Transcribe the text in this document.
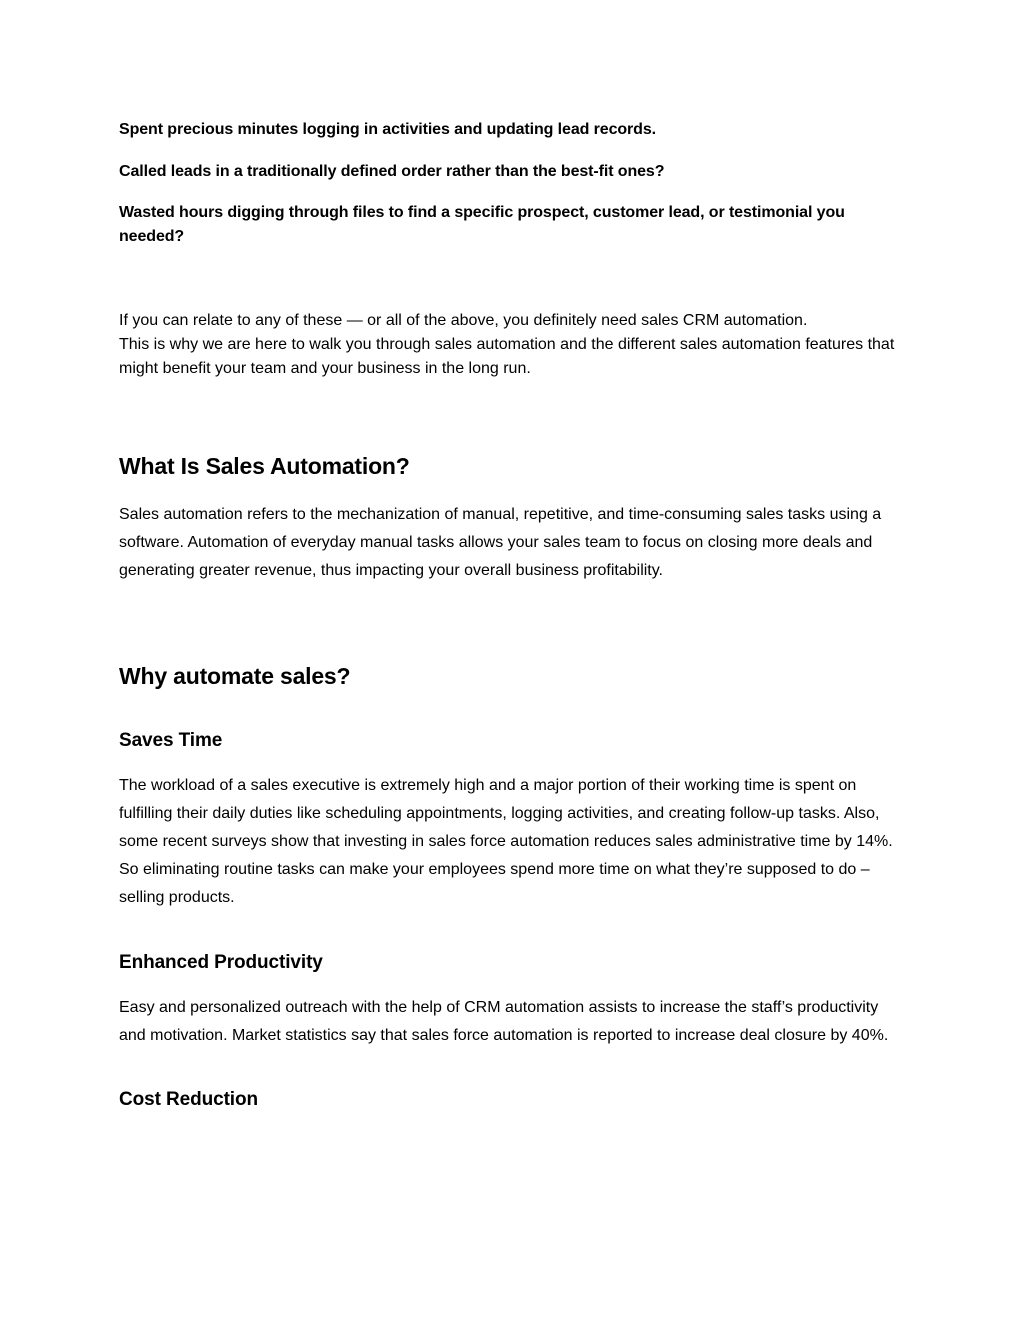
Spent precious minutes logging in activities and updating lead records.

Called leads in a traditionally defined order rather than the best-fit ones?

Wasted hours digging through files to find a specific prospect, customer lead, or testimonial you needed?

If you can relate to any of these — or all of the above, you definitely need sales CRM automation.

This is why we are here to walk you through sales automation and the different sales automation features that might benefit your team and your business in the long run.

What Is Sales Automation?

Sales automation refers to the mechanization of manual, repetitive, and time-consuming sales tasks using a software. Automation of everyday manual tasks allows your sales team to focus on closing more deals and generating greater revenue, thus impacting your overall business profitability.

Why automate sales?
Saves Time

The workload of a sales executive is extremely high and a major portion of their working time is spent on fulfilling their daily duties like scheduling appointments, logging activities, and creating follow-up tasks. Also, some recent surveys show that investing in sales force automation reduces sales administrative time by 14%. So eliminating routine tasks can make your employees spend more time on what they’re supposed to do – selling products.

Enhanced Productivity

Easy and personalized outreach with the help of CRM automation assists to increase the staff’s productivity and motivation. Market statistics say that sales force automation is reported to increase deal closure by 40%.

Cost Reduction
